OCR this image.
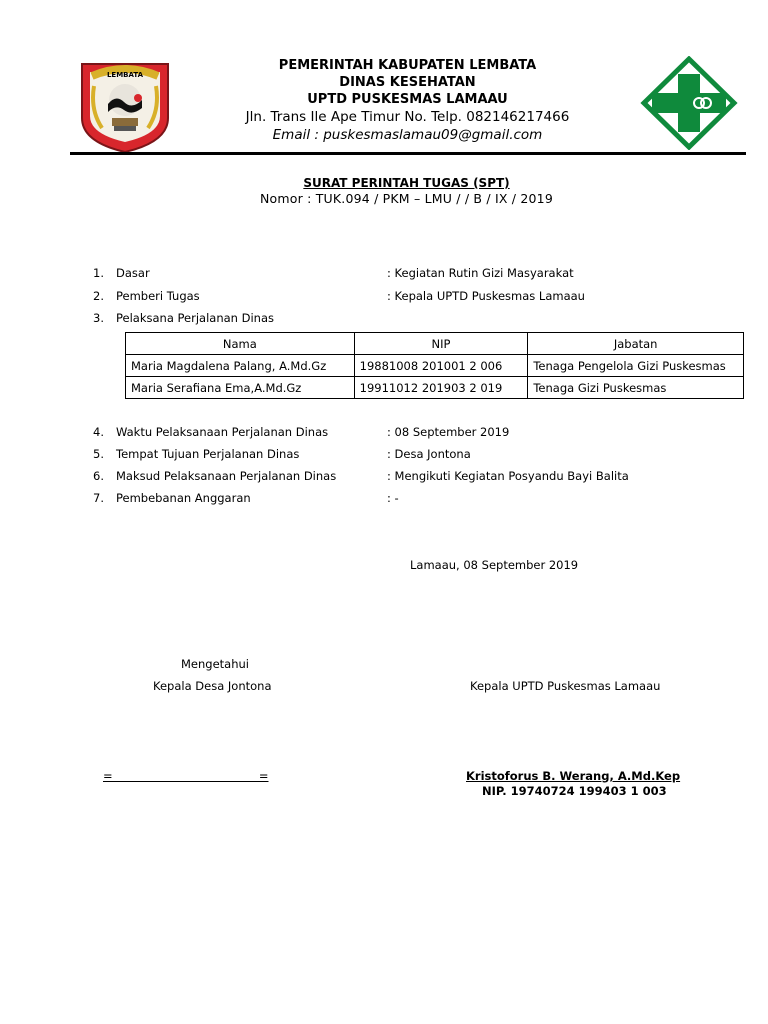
LEMBATA
PEMERINTAH KABUPATEN LEMBATA
DINAS KESEHATAN
UPTD PUSKESMAS LAMAAU
Jln. Trans Ile Ape Timur No. Telp. 082146217466
Email : puskesmaslamau09@gmail.com
SURAT PERINTAH TUGAS (SPT)
Nomor : TUK.094 / PKM – LMU / / B / IX / 2019
1. Dasar	: Kegiatan Rutin Gizi Masyarakat
2. Pemberi Tugas	: Kepala UPTD Puskesmas Lamaau
3. Pelaksana Perjalanan Dinas
Nama	NIP	Jabatan
Maria Magdalena Palang, A.Md.Gz	19881008 201001 2 006	Tenaga Pengelola Gizi Puskesmas
Maria Serafiana Ema,A.Md.Gz	19911012 201903 2 019	Tenaga Gizi Puskesmas
4. Waktu Pelaksanaan Perjalanan Dinas	: 08 September 2019
5. Tempat Tujuan Perjalanan Dinas	: Desa Jontona
6. Maksud Pelaksanaan Perjalanan Dinas	: Mengikuti Kegiatan Posyandu Bayi Balita
7. Pembebanan Anggaran	: -
Lamaau, 08 September 2019
Mengetahui
Kepala Desa Jontona	Kepala UPTD Puskesmas Lamaau
=                                        =	Kristoforus B. Werang, A.Md.Kep
NIP. 19740724 199403 1 003
